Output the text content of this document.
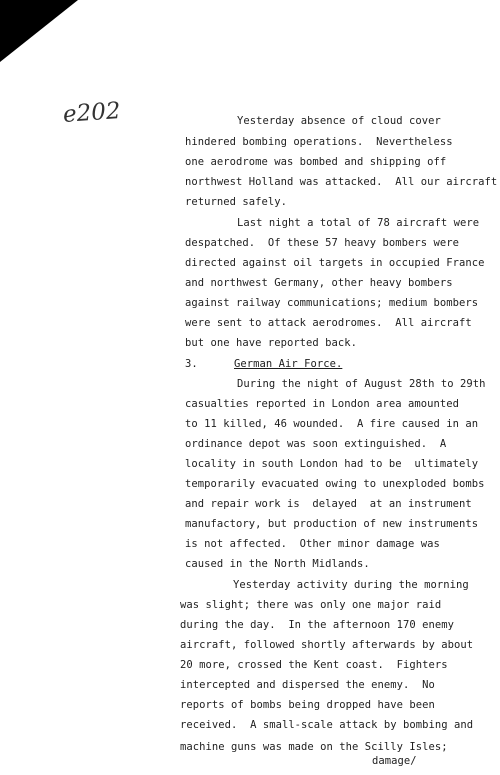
e202	Yesterday absence of cloud cover
hindered bombing operations.  Nevertheless
one aerodrome was bombed and shipping off
northwest Holland was attacked.  All our aircraft
returned safely.
Last night a total of 78 aircraft were
despatched.  Of these 57 heavy bombers were
directed against oil targets in occupied France
and northwest Germany, other heavy bombers
against railway communications; medium bombers
were sent to attack aerodromes.  All aircraft
but one have reported back.
3.	German Air Force.
During the night of August 28th to 29th
casualties reported in London area amounted
to 11 killed, 46 wounded.  A fire caused in an
ordinance depot was soon extinguished.  A
locality in south London had to be  ultimately
temporarily evacuated owing to unexploded bombs
and repair work is  delayed  at an instrument
manufactory, but production of new instruments
is not affected.  Other minor damage was
caused in the North Midlands.
Yesterday activity during the morning
was slight; there was only one major raid
during the day.  In the afternoon 170 enemy
aircraft, followed shortly afterwards by about
20 more, crossed the Kent coast.  Fighters
intercepted and dispersed the enemy.  No
reports of bombs being dropped have been
received.  A small-scale attack by bombing and
machine guns was made on the Scilly Isles;
damage/
